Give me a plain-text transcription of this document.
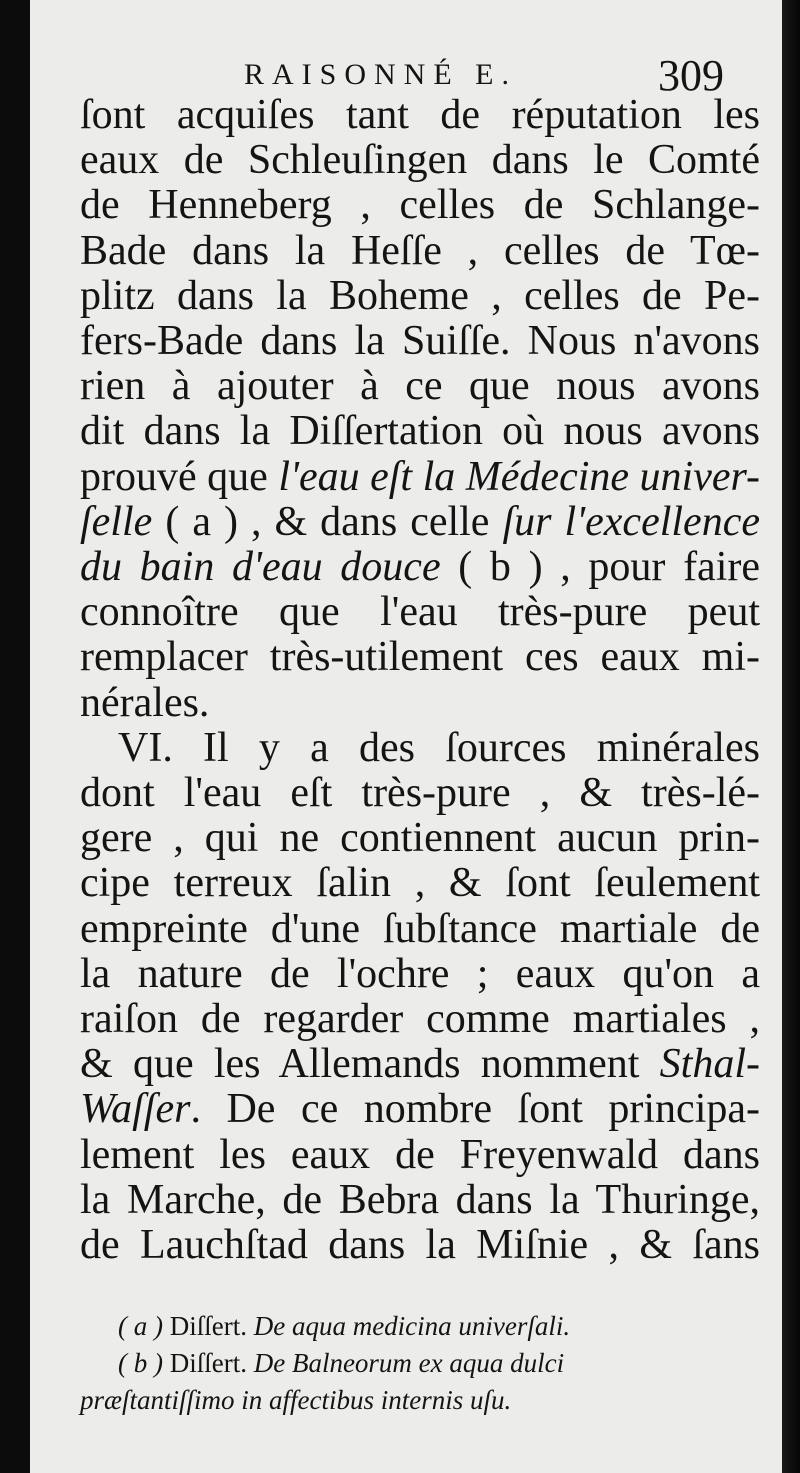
RAISONNÉ E.	309
ſont acquiſes tant de réputation les
eaux de Schleuſingen dans le Comté
de Henneberg , celles de Schlange-
Bade dans la Heſſe , celles de Tœ-
plitz dans la Boheme , celles de Pe-
fers-Bade dans la Suiſſe. Nous n'avons
rien à ajouter à ce que nous avons
dit dans la Diſſertation où nous avons
prouvé que l'eau eſt la Médecine univer-
ſelle ( a ) , & dans celle ſur l'excellence
du bain d'eau douce ( b ) , pour faire
connoître que l'eau très-pure peut
remplacer très-utilement ces eaux mi-
nérales.
VI. Il y a des ſources minérales
dont l'eau eſt très-pure , & très-lé-
gere , qui ne contiennent aucun prin-
cipe terreux ſalin , & ſont ſeulement
empreinte d'une ſubſtance martiale de
la nature de l'ochre ; eaux qu'on a
raiſon de regarder comme martiales ,
& que les Allemands nomment Sthal-
Waſſer. De ce nombre ſont principa-
lement les eaux de Freyenwald dans
la Marche, de Bebra dans la Thuringe,
de Lauchſtad dans la Miſnie , & ſans
( a ) Diſſert. De aqua medicina univerſali.
( b ) Diſſert. De Balneorum ex aqua dulci
præſtantiſſimo in affectibus internis uſu.
